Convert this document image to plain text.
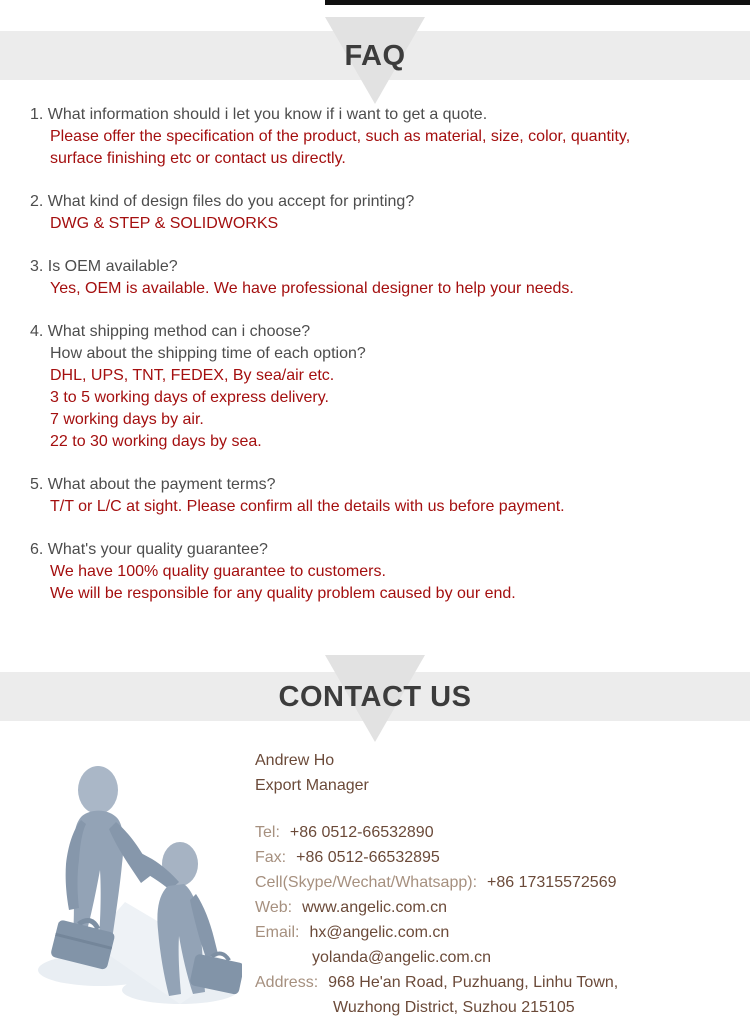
FAQ
1. What information should i let you know if i want to get a quote.
Please offer the specification of the product, such as material, size, color, quantity,
surface finishing etc or contact us directly.
2. What kind of design files do you accept for printing?
DWG & STEP & SOLIDWORKS
3. Is OEM available?
Yes, OEM is available. We have professional designer to help your needs.
4. What shipping method can i choose?
How about the shipping time of each option?
DHL, UPS, TNT, FEDEX, By sea/air etc.
3 to 5 working days of express delivery.
7 working days by air.
22 to 30 working days by sea.
5. What about the payment terms?
T/T or L/C at sight. Please confirm all the details with us before payment.
6. What's your quality guarantee?
We have 100% quality guarantee to customers.
We will be responsible for any quality problem caused by our end.
CONTACT US
Andrew Ho
Export Manager
Tel: +86 0512-66532890
Fax: +86 0512-66532895
Cell(Skype/Wechat/Whatsapp): +86 17315572569
Web: www.angelic.com.cn
Email: hx@angelic.com.cn
yolanda@angelic.com.cn
Address: 968 He'an Road, Puzhuang, Linhu Town,
Wuzhong District, Suzhou 215105
